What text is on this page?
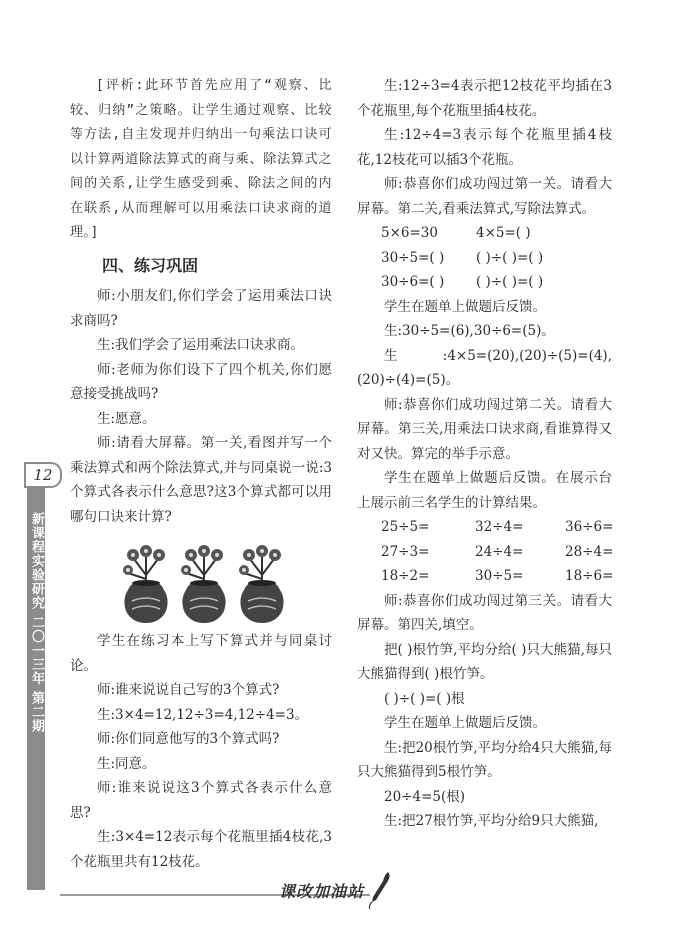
12
新课程实验研究 二〇一三年 第二期

[评析:此环节首先应用了“观察、比较、归纳”之策略。让学生通过观察、比较等方法,自主发现并归纳出一句乘法口诀可以计算两道除法算式的商与乘、除法算式之间的关系,让学生感受到乘、除法之间的内在联系,从而理解可以用乘法口诀求商的道理。]

四、练习巩固

师:小朋友们,你们学会了运用乘法口诀求商吗?

生:我们学会了运用乘法口诀求商。

师:老师为你们设下了四个机关,你们愿意接受挑战吗?

生:愿意。

师:请看大屏幕。第一关,看图并写一个乘法算式和两个除法算式,并与同桌说一说:3个算式各表示什么意思?这3个算式都可以用哪句口诀来计算?

学生在练习本上写下算式并与同桌讨论。

师:谁来说说自己写的3个算式?

生:3×4=12,12÷3=4,12÷4=3。

师:你们同意他写的3个算式吗?

生:同意。

师:谁来说说这3个算式各表示什么意思?

生:3×4=12表示每个花瓶里插4枝花,3个花瓶里共有12枝花。

生:12÷3=4表示把12枝花平均插在3个花瓶里,每个花瓶里插4枝花。

生:12÷4=3表示每个花瓶里插4枝花,12枝花可以插3个花瓶。

师:恭喜你们成功闯过第一关。请看大屏幕。第二关,看乘法算式,写除法算式。

5×6=30	4×5=( )
30÷5=( )	( )÷( )=( )
30÷6=( )	( )÷( )=( )

学生在题单上做题后反馈。

生:30÷5=(6),30÷6=(5)。

生:4×5=(20),(20)÷(5)=(4),(20)÷(4)=(5)。

师:恭喜你们成功闯过第二关。请看大屏幕。第三关,用乘法口诀求商,看谁算得又对又快。算完的举手示意。

学生在题单上做题后反馈。在展示台上展示前三名学生的计算结果。

25÷5=	32÷4=	36÷6=
27÷3=	24÷4=	28÷4=
18÷2=	30÷5=	18÷6=

师:恭喜你们成功闯过第三关。请看大屏幕。第四关,填空。

把( )根竹笋,平均分给( )只大熊猫,每只大熊猫得到( )根竹笋。

( )÷( )=( )根

学生在题单上做题后反馈。

生:把20根竹笋,平均分给4只大熊猫,每只大熊猫得到5根竹笋。

20÷4=5(根)

生:把27根竹笋,平均分给9只大熊猫,

课改加油站
